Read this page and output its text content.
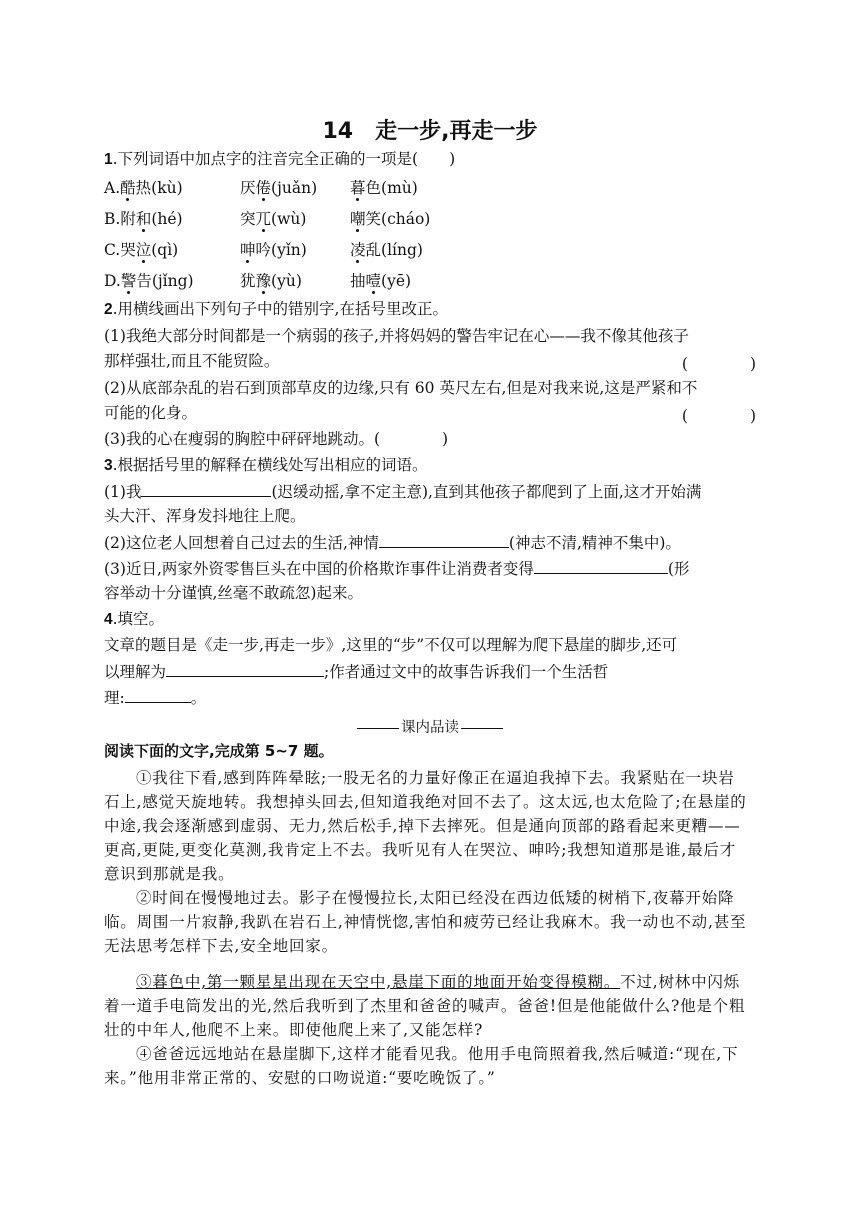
14　走一步,再走一步
1.下列词语中加点字的注音完全正确的一项是(　　)
A.酷热(kù)	厌倦(juǎn) 暮色(mù)
B.附和(hé)	突兀(wù)	嘲笑(cháo)
C.哭泣(qì)	呻吟(yǐn)	凌乱(líng)
D.警告(jǐng)	犹豫(yù)	抽噎(yē)
2.用横线画出下列句子中的错别字,在括号里改正。
(1)我绝大部分时间都是一个病弱的孩子,并将妈妈的警告牢记在心——我不像其他孩子
那样强壮,而且不能贸险。	(　　　　)
(2)从底部杂乱的岩石到顶部草皮的边缘,只有 60 英尺左右,但是对我来说,这是严紧和不
可能的化身。	(　　　　)
(3)我的心在瘦弱的胸腔中砰砰地跳动。(　　　　)
3.根据括号里的解释在横线处写出相应的词语。
(1)我	(迟缓动摇,拿不定主意),直到其他孩子都爬到了上面,这才开始满
头大汗、浑身发抖地往上爬。
(2)这位老人回想着自己过去的生活,神情	(神志不清,精神不集中)。
(3)近日,两家外资零售巨头在中国的价格欺诈事件让消费者变得	(形
容举动十分谨慎,丝毫不敢疏忽)起来。
4.填空。
文章的题目是《走一步,再走一步》,这里的“步”不仅可以理解为爬下悬崖的脚步,还可
以理解为	;作者通过文中的故事告诉我们一个生活哲
理:	。
课内品读
阅读下面的文字,完成第 5~7 题。
①我往下看,感到阵阵晕眩;一股无名的力量好像正在逼迫我掉下去。我紧贴在一块岩石上,感觉天旋地转。我想掉头回去,但知道我绝对回不去了。这太远,也太危险了;在悬崖的中途,我会逐渐感到虚弱、无力,然后松手,掉下去摔死。但是通向顶部的路看起来更糟——更高,更陡,更变化莫测,我肯定上不去。我听见有人在哭泣、呻吟;我想知道那是谁,最后才意识到那就是我。
②时间在慢慢地过去。影子在慢慢拉长,太阳已经没在西边低矮的树梢下,夜幕开始降临。周围一片寂静,我趴在岩石上,神情恍惚,害怕和疲劳已经让我麻木。我一动也不动,甚至无法思考怎样下去,安全地回家。
③暮色中,第一颗星星出现在天空中,悬崖下面的地面开始变得模糊。不过,树林中闪烁着一道手电筒发出的光,然后我听到了杰里和爸爸的喊声。爸爸!但是他能做什么?他是个粗壮的中年人,他爬不上来。即使他爬上来了,又能怎样?
④爸爸远远地站在悬崖脚下,这样才能看见我。他用手电筒照着我,然后喊道:“现在,下来。”他用非常正常的、安慰的口吻说道:“要吃晚饭了。”
